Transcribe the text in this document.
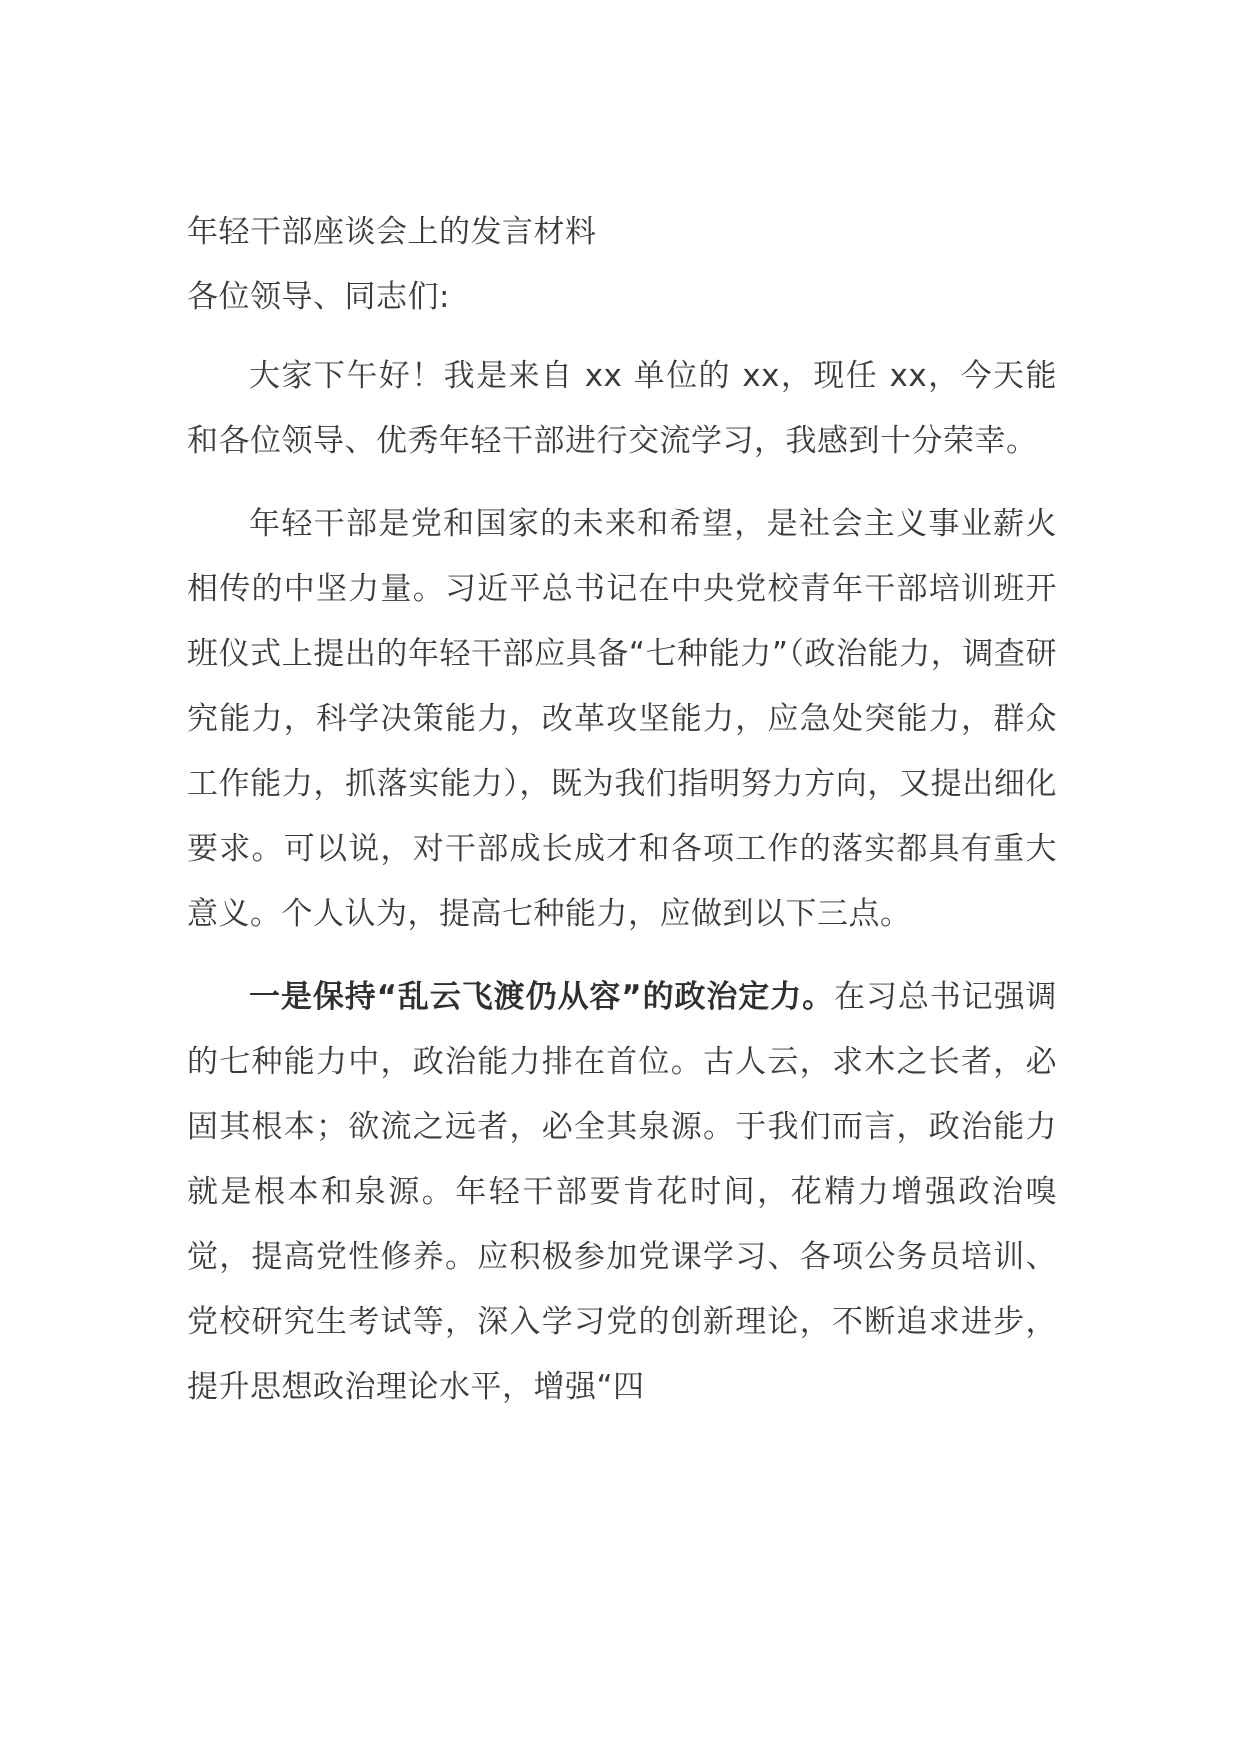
年轻干部座谈会上的发言材料

各位领导、同志们:

大家下午好！我是来自 xx 单位的 xx，现任 xx，今天能和各位领导、优秀年轻干部进行交流学习，我感到十分荣幸。

年轻干部是党和国家的未来和希望，是社会主义事业薪火相传的中坚力量。习近平总书记在中央党校青年干部培训班开班仪式上提出的年轻干部应具备“七种能力”（政治能力，调查研究能力，科学决策能力，改革攻坚能力，应急处突能力，群众工作能力，抓落实能力），既为我们指明努力方向，又提出细化要求。可以说，对干部成长成才和各项工作的落实都具有重大意义。个人认为，提高七种能力，应做到以下三点。

一是保持“乱云飞渡仍从容”的政治定力。在习总书记强调的七种能力中，政治能力排在首位。古人云，求木之长者，必固其根本；欲流之远者，必全其泉源。于我们而言，政治能力就是根本和泉源。年轻干部要肯花时间，花精力增强政治嗅觉，提高党性修养。应积极参加党课学习、各项公务员培训、党校研究生考试等，深入学习党的创新理论，不断追求进步，提升思想政治理论水平，增强“四
